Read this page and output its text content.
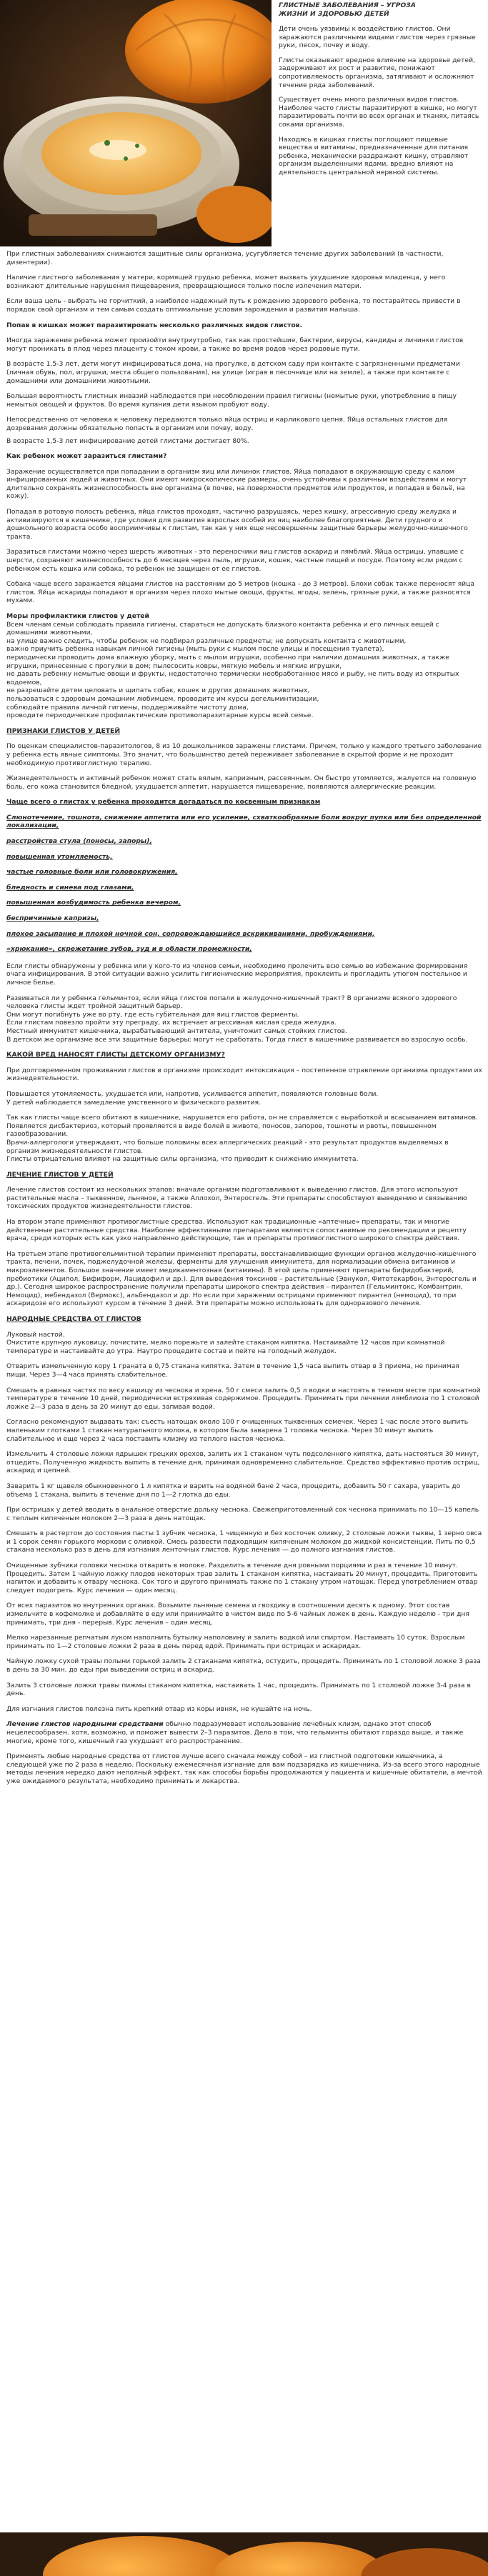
ГЛИСТНЫЕ ЗАБОЛЕВАНИЯ – УГРОЗА
ЖИЗНИ И ЗДОРОВЬЮ ДЕТЕЙ

Дети очень уязвимы к воздействию глистов. Они заражаются различными видами глистов через грязные руки, песок, почву и воду.

Глисты оказывают вредное влияние на здоровье детей, задерживают их рост и развитие, понижают сопротивляемость организма, затягивают и осложняют течение ряда заболеваний.

Существует очень много различных видов глистов. Наиболее часто глисты паразитируют в кишке, но могут паразитировать почти во всех органах и тканях, питаясь соками организма.

Находясь в кишках глисты поглощают пищевые вещества и витамины, предназначенные для питания ребенка, механически раздражают кишку, отравляют организм выделенными ядами, вредно влияют на деятельность центральной нервной системы.

При глистных заболеваниях снижаются защитные силы организма, усугубляется течение других заболеваний (в частности, дизентерии).

Наличие глистного заболевания у матери, кормящей грудью ребенка, может вызвать ухудшение здоровья младенца, у него возникают длительные нарушения пищеварения, превращающиеся только после излечения матери.

Если ваша цель - выбрать не горчиткий, а наиболее надежный путь к рождению здорового ребенка, то постарайтесь привести в порядок свой организм и тем самым создать оптимальные условия зарождения и развития малыша.

Попав в кишках может паразитировать несколько различных видов глистов.

Иногда заражение ребенка может произойти внутриутробно, так как простейшие, бактерии, вирусы, кандиды и личинки глистов могут проникать в плод через плацентy с током крови, а также во время родов через родовые пути.

В возрасте 1,5-3 лет, дети могут инфицироваться дома, на прогулке, в детском саду при контакте с загрязненными предметами (личная обувь, пол, игрушки, места общего пользования), на улице (играя в песочнице или на земле), а также при контакте с домашними или домашними животными.

Большая вероятность глистных инвазий наблюдается при несоблюдении правил гигиены (немытые руки, употребление в пищу немытых овощей и фруктов. Во время купания дети языком пробуют воду.

Непосредственно от человека к человеку передаются только яйца остриц и карликового цепня. Яйца остальных глистов для дозревания должны обязательно попасть в организм или почву, воду.

В возрасте 1,5-3 лет инфицирование детей глистами достигает 80%.

Как ребенок может заразиться глистами?

Заражение осуществляется при попадании в организм яиц или личинок глистов. Яйца попадают в окружающую среду с калом инфицированных людей и животных. Они имеют микроскопические размеры, очень устойчивы к различным воздействиям и могут длительно сохранять жизнеспособность вне организма (в почве, на поверхности предметов или продуктов, и попадая в бельё, на кожу).

Попадая в ротовую полость ребенка, яйца глистов проходят, частично разрушаясь, через кишку, агрессивную среду желудка и активизируются в кишечнике, где условия для развития взрослых особей из яиц наиболее благоприятные. Дети грудного и дошкольного возраста особо восприимчивы к глистам, так как у них еще несовершенны защитные барьеры желудочно-кишечного тракта.

Заразиться глистами можно через шерсть животных - это переносчики яиц глистов аскарид и лямблий. Яйца острицы, упавшие с шерсти, сохраняют жизнеспособность до 6 месяцев через пыль, игрушки, кошек, частные пищей и посуде. Поэтому если рядом с ребенком есть кошка или собака, то ребенок не защищен от ее глистов.

Собака чаще всего заражается яйцами глистов на расстоянии до 5 метров (кошка - до 3 метров). Блохи собак также переносят яйца глистов. Яйца аскариды попадают в организм через плохо мытые овощи, фрукты, ягоды, зелень, грязные руки, а также разносятся мухами.

Меры профилактики глистов у детей

Всем членам семьи соблюдать правила гигиены, стараться не допускать близкого контакта ребенка и его личных вещей с домашними животными,
на улице важно следить, чтобы ребенок не подбирал различные предметы; не допускать контакта с животными,
важно приучить ребенка навыкам личной гигиены (мыть руки с мылом после улицы и посещения туалета),
периодически проводить дома влажную уборку, мыть с мылом игрушки, особенно при наличии домашних животных, а также игрушки, принесенные с прогулки в дом; пылесосить ковры, мягкую мебель и мягкие игрушки,
не давать ребенку немытые овощи и фрукты, недостаточно термически необработанное мясо и рыбу, не пить воду из открытых водоемов,
не разрешайте детям целовать и щипать собак, кошек и других домашних животных,
пользоваться с здоровым домашним любимцем, проводите им курсы дегельминтизации,
соблюдайте правила личной гигиены, поддерживайте чистоту дома,
проводите периодические профилактические противопаразитарные курсы всей семье.

ПРИЗНАКИ ГЛИСТОВ У ДЕТЕЙ

По оценкам специалистов-паразитологов, 8 из 10 дошкольников заражены глистами. Причем, только у каждого третьего заболевание у ребенка есть явные симптомы. Это значит, что большинство детей переживает заболевание в скрытой форме и не проходит необходимую противоглистную терапию.

Жизнедеятельность и активный ребенок может стать вялым, капризным, рассеянным. Он быстро утомляется, жалуется на головную боль, его кожа становится бледной, ухудшается аппетит, нарушается пищеварение, появляются аллергические реакции.

Чаще всего о глистах у ребенка проходится догадаться по косвенным признакам

Слюнотечение, тошнота, снижение аппетита или его усиление, схваткообразные боли вокруг пупка или без определенной локализации,

расстройства стула (поносы, запоры),

повышенная утомляемость,

частые головные боли или головокружения,

бледность и синева под глазами,

повышенная возбудимость ребенка вечером,

беспричинные капризы,

плохое засыпание и плохой ночной сон, сопровождающийся вскрикиваниями, пробуждениями,

«хрюкание», скрежетание зубов, зуд и в области промежности,

Если глисты обнаружены у ребенка или у кого-то из членов семьи, необходимо пролечить всю семью во избежание формирования очага инфицирования. В этой ситуации важно усилить гигиенические мероприятия, проклеить и прогладить утюгом постельное и личное белье.

Развиваться ли у ребенка гельминтоз, если яйца глистов попали в желудочно-кишечный тракт? В организме всякого здорового человека глисты ждет тройной защитный барьер.
Они могут погибнуть уже во рту, где есть губительная для яиц глистов ферменты.
Если глистам повезло пройти эту преграду, их встречает агрессивная кислая среда желудка.
Местный иммунитет кишечника, вырабатывающий антитела, уничтожит самых стойких глистов.
В детском же организме все эти защитные барьеры: могут не сработать. Тогда глист в кишечнике развивается во взрослую особь.

КАКОЙ ВРЕД НАНОСЯТ ГЛИСТЫ ДЕТСКОМУ ОРГАНИЗМУ?

При долговременном проживании глистов в организме происходит интоксикация – постепенное отравление организма продуктами их жизнедеятельности.

Повышается утомляемость, ухудшается или, напротив, усиливается аппетит, появляются головные боли.
У детей наблюдается замедление умственного и физического развития.
Так как глисты чаще всего обитают в кишечнике, нарушается его работа, он не справляется с выработкой и всасыванием витаминов.
Появляется дисбактериоз, который проявляется в виде болей в животе, поносов, запоров, тошноты и рвоты, повышенном газообразовании.
Врачи-аллергологи утверждают, что больше половины всех аллергических реакций - это результат продуктов выделяемых в организм жизнедеятельности глистов.
Глисты отрицательно влияют на защитные силы организма, что приводит к снижению иммунитета.

ЛЕЧЕНИЕ ГЛИСТОВ У ДЕТЕЙ

Лечение глистов состоит из нескольких этапов: вначале организм подготавливают к выведению глистов. Для этого используют растительные масла – тыквенное, льняное, а также Аллохол, Энтеросгель. Эти препараты способствуют выведению и связыванию токсических продуктов жизнедеятельности глистов.

На втором этапе применяют противоглистные средства. Используют как традиционные «аптечные» препараты, так и многие действенные растительные средства. Наиболее эффективными препаратами являются сопоставимые по рекомендации и рецепту врача, среди которых есть как узко направленно действующие, так и препараты противоглистного широкого спектра действия.

На третьем этапе противогельминтной терапии применяют препараты, восстанавливающие функции органов желудочно-кишечного тракта, печени, почек, поджелудочной железы, ферменты для улучшения иммунитета, для нормализации обмена витаминов и микроэлементов. Большое значение имеет медикаментозная (витамины). В этой цель применяют препараты бифидобактерий, пребиотики (Аципол, Бифиформ, Лацидофил и др.). Для выведения токсинов – растительные (Эвнукол, Фитотекарбон, Энтеросгель и др.). Сегодня широкое распространение получили препараты широкого спектра действия – пирантел (Гельминтокс, Комбантрин, Немоцид), мебендазол (Вермокс), альбендазол и др. Но если при заражении острицами применяют пирантел (немоцид), то при аскаридозе его используют курсом в течение 3 дней. Эти препараты можно использовать для одноразового лечения.

НАРОДНЫЕ СРЕДСТВА ОТ ГЛИСТОВ

Луковый настой.
Очистите крупную луковицу, почистите, мелко порежьте и залейте стаканом кипятка. Настаивайте 12 часов при комнатной температуре и настаивайте до утра. Наутро процедите состав и пейте на голодный желудок.

Отварить измельченную кору 1 граната в 0,75 стакана кипятка. Затем в течение 1,5 часа выпить отвар в 3 приема, не принимая пищи. Через 3—4 часа принять слабительное.

Смешать в равных частях по весу кашицу из чеснока и хрена. 50 г смеси залить 0,5 л водки и настоять в темном месте при комнатной температуре в течение 10 дней, периодически встряхивая содержимое. Процедить. Принимать при лечении лямблиоза по 1 столовой ложке 2—3 раза в день за 20 минут до еды, запивая водой.

Согласно рекомендуют выдавать так: съесть натощак около 100 г очищенных тыквенных семечек. Через 1 час после этого выпить маленьким глотками 1 стакан натурального молока, в котором была заварена 1 головка чеснока. Через 30 минут выпить слабительное и еще через 2 часа поставить клизму из теплого настоя чеснока.

Измельчить 4 столовые ложки ядрышек грецких орехов, залить их 1 стаканом чуть подсоленного кипятка, дать настояться 30 минут, отцедить. Полученную жидкость выпить в течение дня, принимая одновременно слабительное. Средство эффективно против остриц, аскарид и цепней.

Заварить 1 кг щавеля обыкновенного 1 л кипятка и варить на водяной бане 2 часа, процедить, добавить 50 г сахара, уварить до объема 1 стакана, выпить в течение дня по 1—2 глотка до еды.

При острицах у детей вводить в анальное отверстие дольку чеснока. Свежеприготовленный сок чеснока принимать по 10—15 капель с теплым кипяченым молоком 2—3 раза в день натощак.

Смешать в растертом до состояния пасты 1 зубчик чеснока, 1 чищенную и без косточек оливку, 2 столовые ложки тыквы, 1 зерно овса и 1 сорок семян горького моркови с оливкой. Смесь развести подходящим кипяченым молоком до жидкой консистенции. Пить по 0,5 стакана несколько раз в день для изгнания ленточных глистов. Курс лечения — до полного изгнания глистов.

Очищенные зубчики головки чеснока отварить в молоке. Разделить в течение дня ровными порциями и раз в течение 10 минут. Процедить. Затем 1 чайную ложку плодов некоторых трав залить 1 стаканом кипятка, настаивать 20 минут, процедить. Приготовить напиток и добавить к отвару чеснока. Сок того и другого принимать также по 1 стакану утром натощак. Перед употреблением отвар следует подогреть. Курс лечения — один месяц.

От всех паразитов во внутренних органах. Возьмите льняные семена и гвоздику в соотношении десять к одному. Этот состав измельчите в кофемолке и добавляйте в еду или принимайте в чистом виде по 5-6 чайных ложек в день. Каждую неделю - три дня принимать, три дня - перерыв. Курс лечения – один месяц.

Мелко нарезанные репчатым луком наполнить бутылку наполовину и залить водкой или спиртом. Настаивать 10 суток. Взрослым принимать по 1—2 столовые ложки 2 раза в день перед едой. Принимать при острицах и аскаридах.

Чайную ложку сухой травы полыни горькой залить 2 стаканами кипятка, остудить, процедить. Принимать по 1 столовой ложке 3 раза в день за 30 мин. до еды при выведении остриц и аскарид.

Залить 3 столовые ложки травы пижмы стаканом кипятка, настаивать 1 час, процедить. Принимать по 1 столовой ложке 3-4 раза в день.

Для изгнания глистов полезна пить крепкий отвар из коры ивняк, не кушайте на ночь.

Лечение глистов народными средствами обычно подразумевает использование лечебных клизм, однако этот способ нецелесообразен. хотя, возможно, и поможет вывести 2–3 паразитов. Дело в том, что гельминты обитают гораздо выше, и также многие, кроме того, кишечный газ ухудшает его распространение.

Применять любые народные средства от глистов лучше всего сначала между собой – из глистной подготовки кишечника, а следующей уже по 2 раза в неделю. Поскольку ежемесячная изгнание для вам подзарядка из кишечника. Из-за всего этого народные методы лечения нередко дают неполный эффект, так как способы борьбы продолжаются у пациента и кишечные обитатели, а мечтой уже ожидаемого результата, необходимо принимать и лекарства.
